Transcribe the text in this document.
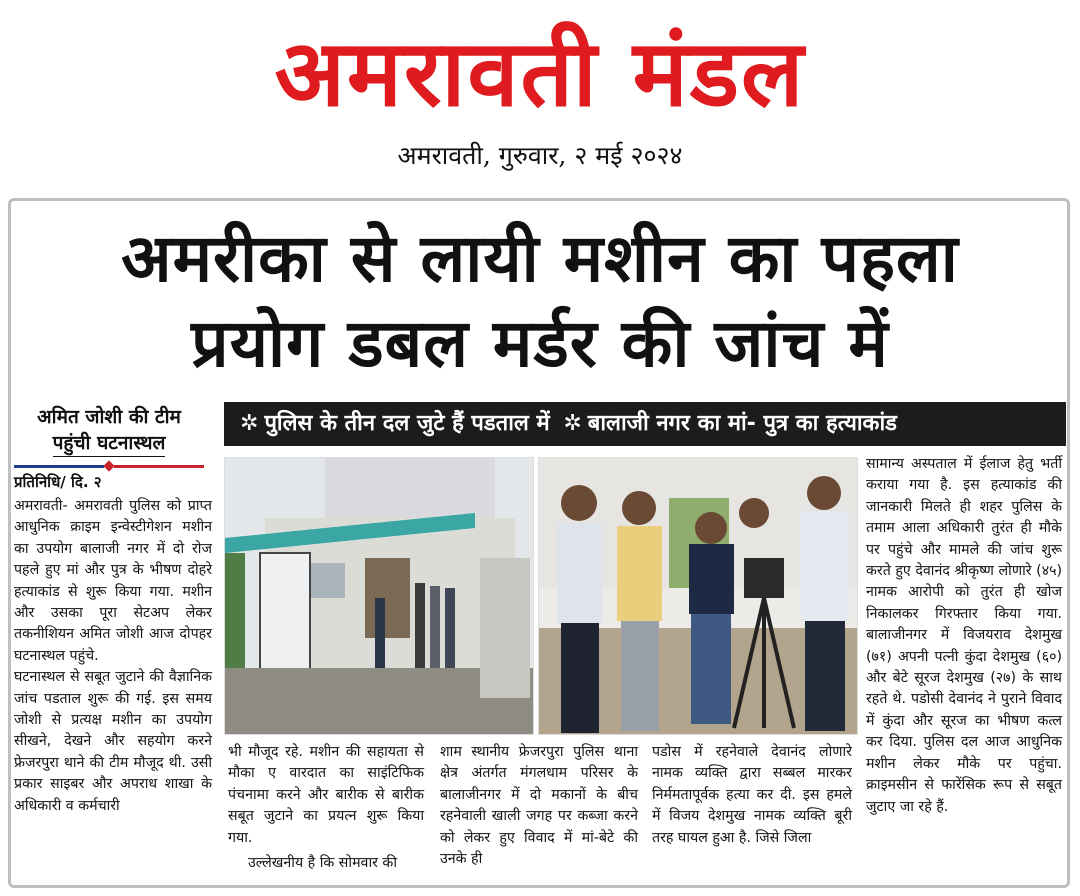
अमरावती मंडल
अमरावती, गुरुवार, २ मई २०२४
अमरीका से लायी मशीन का पहला
प्रयोग डबल मर्डर की जांच में
अमित जोशी की टीम
पहुंची घटनास्थल
प्रतिनिधि/ दि. २
✲ पुलिस के तीन दल जुटे हैं पडताल में ✲ बालाजी नगर का मां- पुत्र का हत्याकांड

अमरावती- अमरावती पुलिस को प्राप्त आधुनिक क्राइम इन्वेस्टीगेशन मशीन का उपयोग बालाजी नगर में दो रोज पहले हुए मां और पुत्र के भीषण दोहरे हत्याकांड से शुरू किया गया. मशीन और उसका पूरा सेटअप लेकर तकनीशियन अमित जोशी आज दोपहर घटनास्थल पहुंचे.

घटनास्थल से सबूत जुटाने की वैज्ञानिक जांच पडताल शुरू की गई. इस समय जोशी से प्रत्यक्ष मशीन का उपयोग सीखने, देखने और सहयोग करने फ्रेजरपुरा थाने की टीम मौजूद थी. उसी प्रकार साइबर और अपराध शाखा के अधिकारी व कर्मचारी

भी मौजूद रहे. मशीन की सहायता से मौका ए वारदात का साइंटिफिक पंचनामा करने और बारीक से बारीक सबूत जुटाने का प्रयत्न शुरू किया गया.

उल्लेखनीय है कि सोमवार की

शाम स्थानीय फ्रेजरपुरा पुलिस थाना क्षेत्र अंतर्गत मंगलधाम परिसर के बालाजीनगर में दो मकानों के बीच रहनेवाली खाली जगह पर कब्जा करने को लेकर हुए विवाद में मां-बेटे की उनके ही

पडोस में रहनेवाले देवानंद लोणारे नामक व्यक्ति द्वारा सब्बल मारकर निर्ममतापूर्वक हत्या कर दी. इस हमले में विजय देशमुख नामक व्यक्ति बूरी तरह घायल हुआ है. जिसे जिला

सामान्य अस्पताल में ईलाज हेतु भर्ती कराया गया है. इस हत्याकांड की जानकारी मिलते ही शहर पुलिस के तमाम आला अधिकारी तुरंत ही मौके पर पहुंचे और मामले की जांच शुरू करते हुए देवानंद श्रीकृष्ण लोणारे (४५) नामक आरोपी को तुरंत ही खोज निकालकर गिरफ्तार किया गया. बालाजीनगर में विजयराव देशमुख (७१) अपनी पत्नी कुंदा देशमुख (६०) और बेटे सूरज देशमुख (२७) के साथ रहते थे. पडोसी देवानंद ने पुराने विवाद में कुंदा और सूरज का भीषण कत्ल कर दिया. पुलिस दल आज आधुनिक मशीन लेकर मौके पर पहुंचा. क्राइमसीन से फारेंसिक रूप से सबूत जुटाए जा रहे हैं.
